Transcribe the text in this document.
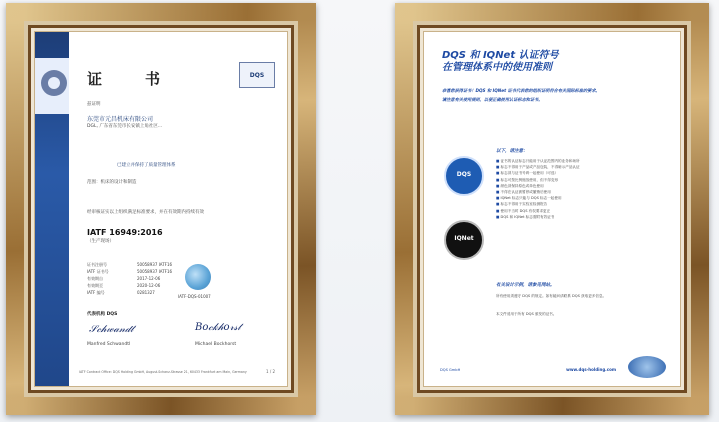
证　书	DQS
兹证明
东莞市元昌机床有限公司
DGL, 广东省东莞市长安镇上角社区...
已建立并保持了质量管理体系
范围：机床的设计和制造
经审核证实以上组织满足标准要求，并在有效期内持续有效
IATF 16949:2016
（生产现场）
证书注册号	50058937 IATF16
IATF 证书号	50058937 IATF16
有效期自	2017-12-06
有效期至	2020-12-06
IATF 编号	0281327
IATF-DQS-01007
代表机构 DQS
𝒮𝒸𝒽𝓌𝒶𝓃𝒹𝓉	𝐵𝑜𝒸𝓀𝒽𝑜𝓇𝓈𝓉
Manfred Schwandtl	Michael Bockhorst
IATF Contract Office: DQS Holding GmbH, August-Schanz-Strasse 21, 60433 Frankfurt am Main, Germany	1 / 2
DQS 和 IQNet 认证符号
在管理体系中的使用准则
恭喜您获得证书！DQS 和 IQNet 证书代表您的组织证明符合有关国际标准的要求。
请注意有关使用规则，以便正确使用认证标志和证书。
DQS
IQNet
以下，请注意：
■ 证书的认证标志只能用于认证范围内的业务和场所
■ 标志不得用于产品或产品包装，不得暗示产品认证
■ 标志须与证书号码一起使用（可选）
■ 标志可按比例缩放使用，但不得变形
■ 颜色须保持原色或单色使用
■ 不得在认证被暂停或撤销后使用
■ IQNet 标志只能与 DQS 标志一起使用
■ 标志不得用于实验室检测报告
■ 使用不当时 DQS 有权要求更正
■ DQS 和 IQNet 标志需附有效证书
有关设计示例，请参见网站。
所有使用须遵守 DQS 的规定。如有疑问请联系 DQS 获取更多信息。
本文件适用于所有 DQS 颁发的证书。
DQS GmbH	www.dqs-holding.com
